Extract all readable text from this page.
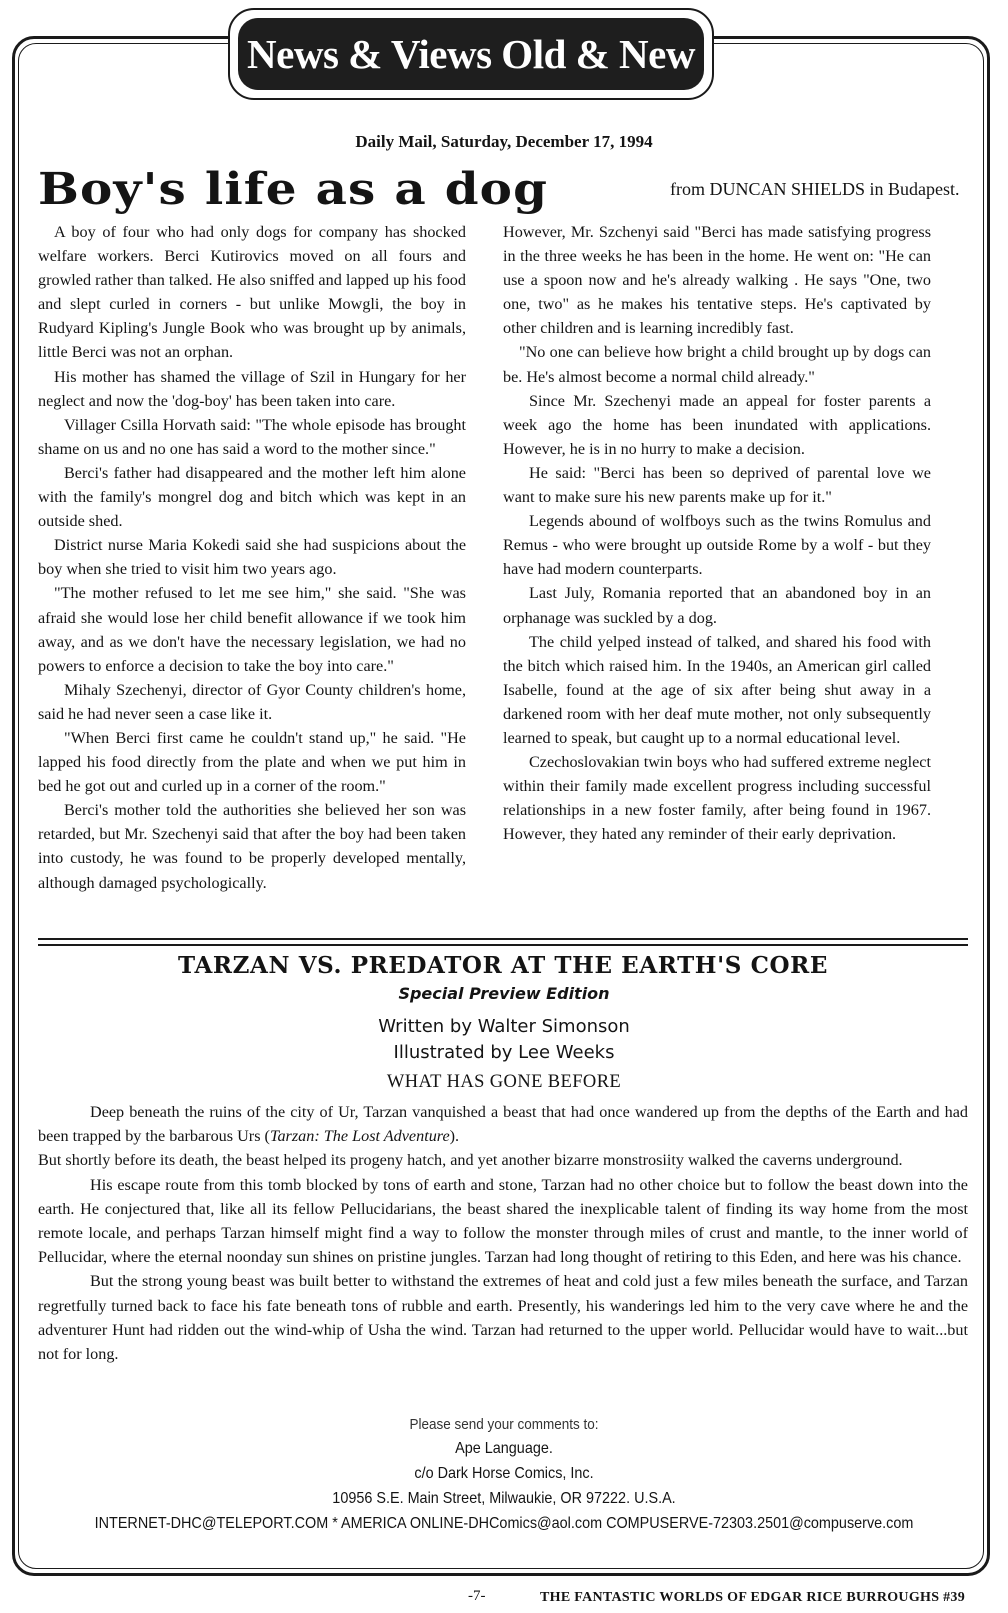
News & Views Old & New
Daily Mail, Saturday, December 17, 1994
Boy's life as a dog	from DUNCAN SHIELDS in Budapest.

A boy of four who had only dogs for company has shocked welfare workers. Berci Kutirovics moved on all fours and growled rather than talked. He also sniffed and lapped up his food and slept curled in corners - but unlike Mowgli, the boy in Rudyard Kipling's Jungle Book who was brought up by animals, little Berci was not an orphan.

His mother has shamed the village of Szil in Hungary for her neglect and now the 'dog-boy' has been taken into care.

Villager Csilla Horvath said: "The whole episode has brought shame on us and no one has said a word to the mother since."

Berci's father had disappeared and the mother left him alone with the family's mongrel dog and bitch which was kept in an outside shed.

District nurse Maria Kokedi said she had suspicions about the boy when she tried to visit him two years ago.

"The mother refused to let me see him," she said. "She was afraid she would lose her child benefit allowance if we took him away, and as we don't have the necessary legislation, we had no powers to enforce a decision to take the boy into care."

Mihaly Szechenyi, director of Gyor County children's home, said he had never seen a case like it.

"When Berci first came he couldn't stand up," he said. "He lapped his food directly from the plate and when we put him in bed he got out and curled up in a corner of the room."

Berci's mother told the authorities she believed her son was retarded, but Mr. Szechenyi said that after the boy had been taken into custody, he was found to be properly developed mentally, although damaged psychologically.

However, Mr. Szchenyi said "Berci has made satisfying progress in the three weeks he has been in the home. He went on: "He can use a spoon now and he's already walking . He says "One, two one, two" as he makes his tentative steps. He's captivated by other children and is learning incredibly fast.

"No one can believe how bright a child brought up by dogs can be. He's almost become a normal child already."

Since Mr. Szechenyi made an appeal for foster parents a week ago the home has been inundated with applications. However, he is in no hurry to make a decision.

He said: "Berci has been so deprived of parental love we want to make sure his new parents make up for it."

Legends abound of wolfboys such as the twins Romulus and Remus - who were brought up outside Rome by a wolf - but they have had modern counterparts.

Last July, Romania reported that an abandoned boy in an orphanage was suckled by a dog.

The child yelped instead of talked, and shared his food with the bitch which raised him. In the 1940s, an American girl called Isabelle, found at the age of six after being shut away in a darkened room with her deaf mute mother, not only subsequently learned to speak, but caught up to a normal educational level.

Czechoslovakian twin boys who had suffered extreme neglect within their family made excellent progress including successful relationships in a new foster family, after being found in 1967. However, they hated any reminder of their early deprivation.

TARZAN VS. PREDATOR AT THE EARTH'S CORE
Special Preview Edition
Written by Walter Simonson
Illustrated by Lee Weeks
WHAT HAS GONE BEFORE

Deep beneath the ruins of the city of Ur, Tarzan vanquished a beast that had once wandered up from the depths of the Earth and had been trapped by the barbarous Urs (Tarzan: The Lost Adventure).

But shortly before its death, the beast helped its progeny hatch, and yet another bizarre monstrosiity walked the caverns underground.

His escape route from this tomb blocked by tons of earth and stone, Tarzan had no other choice but to follow the beast down into the earth. He conjectured that, like all its fellow Pellucidarians, the beast shared the inexplicable talent of finding its way home from the most remote locale, and perhaps Tarzan himself might find a way to follow the monster through miles of crust and mantle, to the inner world of Pellucidar, where the eternal noonday sun shines on pristine jungles. Tarzan had long thought of retiring to this Eden, and here was his chance.

But the strong young beast was built better to withstand the extremes of heat and cold just a few miles beneath the surface, and Tarzan regretfully turned back to face his fate beneath tons of rubble and earth. Presently, his wanderings led him to the very cave where he and the adventurer Hunt had ridden out the wind-whip of Usha the wind. Tarzan had returned to the upper world. Pellucidar would have to wait...but not for long.

Please send your comments to:
Ape Language.
c/o Dark Horse Comics, Inc.
10956 S.E. Main Street, Milwaukie, OR 97222. U.S.A.
INTERNET-DHC@TELEPORT.COM * AMERICA ONLINE-DHComics@aol.com COMPUSERVE-72303.2501@compuserve.com
-7-	THE FANTASTIC WORLDS OF EDGAR RICE BURROUGHS #39
